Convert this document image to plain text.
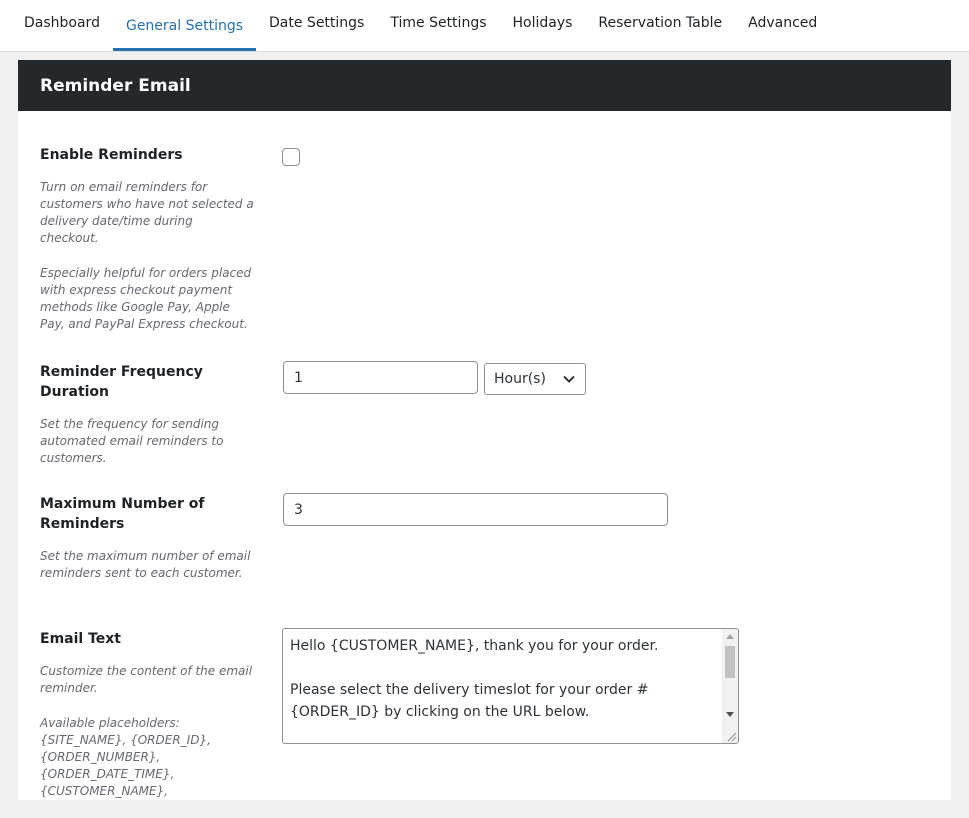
Dashboard	General Settings	Date Settings	Time Settings	Holidays	Reservation Table	Advanced
Reminder Email
Enable Reminders

Turn on email reminders for customers who have not selected a delivery date/time during checkout.

Especially helpful for orders placed with express checkout payment methods like Google Pay, Apple Pay, and PayPal Express checkout.

Reminder Frequency Duration

Set the frequency for sending automated email reminders to customers.

1	Hour(s)
Maximum Number of Reminders

Set the maximum number of email reminders sent to each customer.

3
Email Text

Customize the content of the email reminder.

Available placeholders: {SITE_NAME}, {ORDER_ID}, {ORDER_NUMBER}, {ORDER_DATE_TIME}, {CUSTOMER_NAME},

Hello {CUSTOMER_NAME}, thank you for your order.

Please select the delivery timeslot for your order #{ORDER_ID} by clicking on the URL below.
